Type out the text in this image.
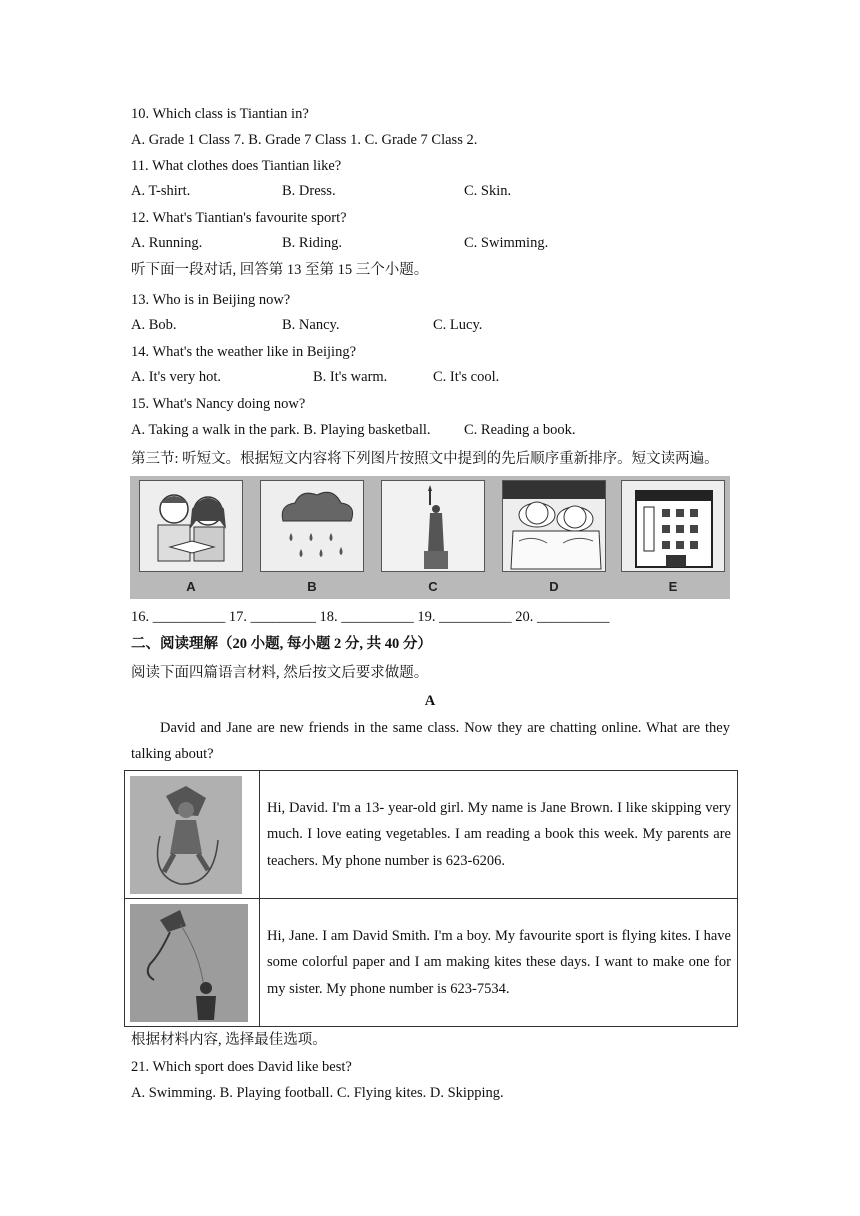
10. Which class is Tiantian in?
A. Grade 1 Class 7. B. Grade 7 Class 1. C. Grade 7 Class 2.
11. What clothes does Tiantian like?
A. T-shirt.	B. Dress.	C. Skin.
12. What's Tiantian's favourite sport?
A. Running.	B. Riding.	C. Swimming.
听下面一段对话, 回答第 13 至第 15 三个小题。
13. Who is in Beijing now?
A. Bob.	B. Nancy.	C. Lucy.
14. What's the weather like in Beijing?
A. It's very hot.	B. It's warm.	C. It's cool.
15. What's Nancy doing now?
A. Taking a walk in the park. B. Playing basketball. C. Reading a book.
第三节: 听短文。根据短文内容将下列图片按照文中提到的先后顺序重新排序。短文读两遍。
A	B	C	D	E
16. __________ 17. _________ 18. __________ 19. __________ 20. __________
二、阅读理解（20 小题, 每小题 2 分, 共 40 分）
阅读下面四篇语言材料, 然后按文后要求做题。
A
David and Jane are new friends in the same class. Now they are chatting online. What are they talking about?
	Hi, David. I'm a 13- year-old girl. My name is Jane Brown. I like skipping very much. I love eating vegetables. I am reading a book this week. My parents are teachers. My phone number is 623-6206.

	Hi, Jane. I am David Smith. I'm a boy. My favourite sport is flying kites. I have some colorful paper and I am making kites these days. I want to make one for my sister. My phone number is 623-7534.
根据材料内容, 选择最佳选项。
21. Which sport does David like best?
A. Swimming. B. Playing football. C. Flying kites. D. Skipping.
